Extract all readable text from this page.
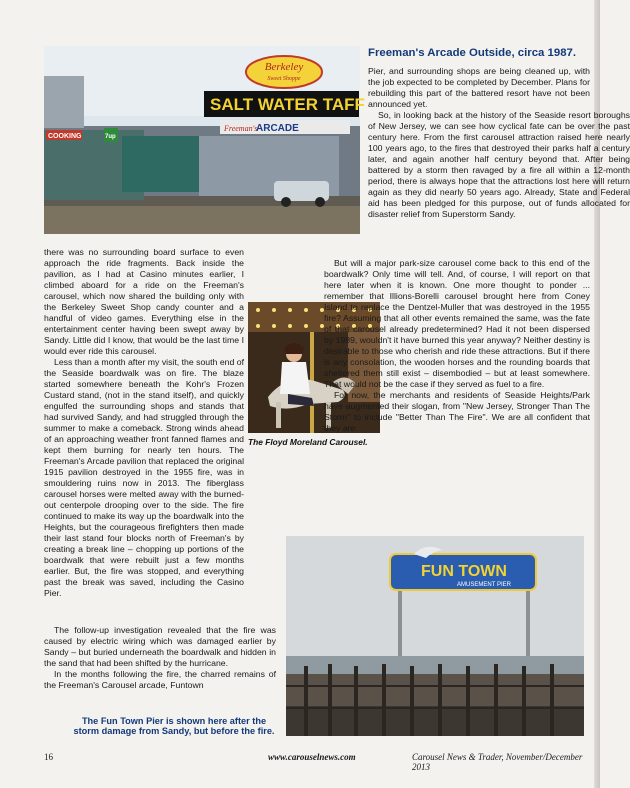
SALT WATER TAFF
Berkeley
Sweet Shoppe
ARCADE
Freeman's
COOKING	7up
Freeman's Arcade Outside, circa 1987.

Pier, and surrounding shops are being cleaned up, with the job expected to be completed by December. Plans for rebuilding this part of the battered resort have not been announced yet.

So, in looking back at the history of the Seaside resort boroughs of New Jersey, we can see how cyclical fate can be over the past century here. From the first carousel attraction raised here nearly 100 years ago, to the fires that destroyed their parks half a century later, and again another half century beyond that. After being battered by a storm then ravaged by a fire all within a 12-month period, there is always hope that the attractions lost here will return again as they did nearly 50 years ago. Already, State and Federal aid has been pledged for this purpose, out of funds allocated for disaster relief from Superstorm Sandy.

The Floyd Moreland Carousel.

But will a major park-size carousel come back to this end of the boardwalk? Only time will tell. And, of course, I will report on that here later when it is known. One more thought to ponder ... remember that Illions-Borelli carousel brought here from Coney Island to replace the Dentzel-Muller that was destroyed in the 1955 fire? Assuming that all other events remained the same, was the fate of that carousel already predetermined? Had it not been dispersed by 1989, wouldn't it have burned this year anyway? Neither destiny is desirable to those who cherish and ride these attractions. But if there is any consolation, the wooden horses and the rounding boards that sheltered them still exist – disembodied – but at least somewhere. That would not be the case if they served as fuel to a fire.

For now, the merchants and residents of Seaside Heights/Park have augmented their slogan, from "New Jersey, Stronger Than The Storm" to include "Better Than The Fire". We are all confident that they are.

there was no surrounding board surface to even approach the ride fragments. Back inside the pavilion, as I had at Casino minutes earlier, I climbed aboard for a ride on the Freeman's carousel, which now shared the building only with the Berkeley Sweet Shop candy counter and a handful of video games. Everything else in the entertainment center having been swept away by Sandy. Little did I know, that would be the last time I would ever ride this carousel.

Less than a month after my visit, the south end of the Seaside boardwalk was on fire. The blaze started somewhere beneath the Kohr's Frozen Custard stand, (not in the stand itself), and quickly engulfed the surrounding shops and stands that had survived Sandy, and had struggled through the summer to make a comeback. Strong winds ahead of an approaching weather front fanned flames and kept them burning for nearly ten hours. The Freeman's Arcade pavilion that replaced the original 1915 pavilion destroyed in the 1955 fire, was in smouldering ruins now in 2013. The fiberglass carousel horses were melted away with the burned-out centerpole drooping over to the side. The fire continued to make its way up the boardwalk into the Heights, but the courageous firefighters then made their last stand four blocks north of Freeman's by creating a break line – chopping up portions of the boardwalk that were rebuilt just a few months earlier. But, the fire was stopped, and everything past the break was saved, including the Casino Pier.

The follow-up investigation revealed that the fire was caused by electric wiring which was damaged earlier by Sandy – but buried underneath the boardwalk and hidden in the sand that had been shifted by the hurricane.

In the months following the fire, the charred remains of the Freeman's Carousel arcade, Funtown

FUN TOWN
AMUSEMENT PIER
The Fun Town Pier is shown here after the
storm damage from Sandy, but before the fire.
16	www.carouselnews.com	Carousel News & Trader, November/December 2013
